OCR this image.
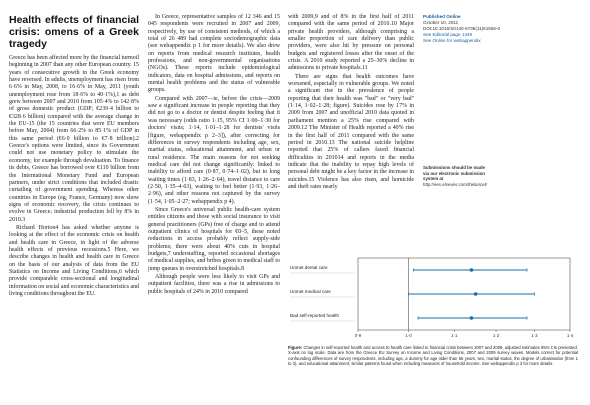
Health effects of financial crisis: omens of a Greek tragedy

Greece has been affected more by the financial turmoil beginning in 2007 than any other European country. 15 years of consecutive growth in the Greek economy have reversed. In adults, unemployment has risen from 6·6% in May, 2008, to 16·6% in May, 2011 (youth unemployment rose from 18·6% to 40·1%),1 as debt grew between 2007 and 2010 from 105·4% to 142·8% of gross domestic product (GDP; €239·4 billion to €328·6 billion) compared with the average change in the EU-15 (the 15 countries that were EU members before May, 2004) from 66·2% to 85·1% of GDP in this same period (€6·0 billion to €7·8 trillion).2 Greece's options were limited, since its Government could not use monetary policy to stimulate the economy, for example through devaluation. To finance its debts, Greece has borrowed over €110 billion from the International Monetary Fund and European partners, under strict conditions that included drastic curtailing of government spending. Whereas other countries in Europe (eg, France, Germany) now show signs of economic recovery, the crisis continues to evolve in Greece; industrial production fell by 8% in 2010.3

Richard Horton4 has asked whether anyone is looking at the effect of the economic crisis on health and health care in Greece, in light of the adverse health effects of previous recessions.5 Here, we describe changes in health and health care in Greece on the basis of our analysis of data from the EU Statistics on Income and Living Conditions,6 which provide comparable cross-sectional and longitudinal information on social and economic characteristics and living conditions throughout the EU.

In Greece, representative samples of 12 346 and 15 045 respondents were recruited in 2007 and 2009, respectively, by use of consistent methods, of which a total of 26 489 had complete sociodemographic data (see webappendix p 1 for more details). We also drew on reports from medical research institutes, health professions, and non-governmental organisations (NGOs). These reports include epidemiological indicators, data on hospital admissions, and reports on mental health problems and the status of vulnerable groups.

Compared with 2007—ie, before the crisis—2009 saw a significant increase in people reporting that they did not go to a doctor or dentist despite feeling that it was necessary (odds ratio 1·15, 95% CI 1·00–1·30 for doctors' visits; 1·14, 1·01–1·28 for dentists' visits [figure, webappendix p 2–3]), after correcting for differences in survey respondents including age, sex, marital status, educational attainment, and urban or rural residence. The main reasons for not seeking medical care did not change significantly: linked to inability to afford care (0·87, 0·74–1·02), but to long waiting times (1·83, 1·26–2·64), travel distance to care (2·50, 1·35–4·63), waiting to feel better (1·93, 1·26–2·96), and other reasons not captured by the survey (1·54, 1·05–2·27; webappendix p 4).

Since Greece's universal public health-care system entitles citizens and those with social insurance to visit general practitioners (GPs) free of charge and to attend outpatient clinics of hospitals for €0–5, these noted reductions in access probably reflect supply-side problems; there were about 40% cuts in hospital budgets,7 understaffing, reported occasional shortages of medical supplies, and bribes given to medical staff to jump queues in overstretched hospitals.8

Although people were less likely to visit GPs and outpatient facilities, there was a rise in admissions to public hospitals of 24% in 2010 compared

with 2009,9 and of 8% in the first half of 2011 compared with the same period of 2010.10 Major private health providers, although comprising a smaller proportion of care delivery than public providers, were also hit by pressure on personal budgets and registered losses after the onset of the crisis. A 2010 study reported a 25–30% decline in admissions to private hospitals.11

There are signs that health outcomes have worsened, especially in vulnerable groups. We noted a significant rise in the prevalence of people reporting that their health was "bad" or "very bad" (1·14, 1·02–1·28; figure). Suicides rose by 17% in 2009 from 2007 and unofficial 2010 data quoted in parliament mention a 25% rise compared with 2009.12 The Minister of Health reported a 40% rise in the first half of 2011 compared with the same period in 2010.13 The national suicide helpline reported that 25% of callers faced financial difficulties in 201014 and reports in the media indicate that the inability to repay high levels of personal debt might be a key factor in the increase in suicides.15 Violence has also risen, and homicide and theft rates nearly

Published Online
October 10, 2011
DOI:10.1016/S0140-6736(11)61556-0
See Editorial page 1449
See Online for webappendix
Submissions should be made via our electronic submission system at http://ees.elsevier.com/thelancet/
Unmet dental care
Unmet medical care
Bad self-reported health
0·9	1·0	1·1	1·2	1·3	1·4
Figure: Changes in self-reported health and access to health care linked to financial crisis between 2007 and 2009, adjusted estimates 95% CIs presented. X-axis on log scale. Data are from the Greece EU Survey on Income and Living Conditions, 2007 and 2009 survey waves. Models correct for potential confounding differences of survey respondents, including age, a dummy for age older than 65 years, sex, marital status, the degree of urbanisation (from 1 to 3), and educational attainment; similar patterns found when including measures of household income. See webappendix p 3 for more details.
